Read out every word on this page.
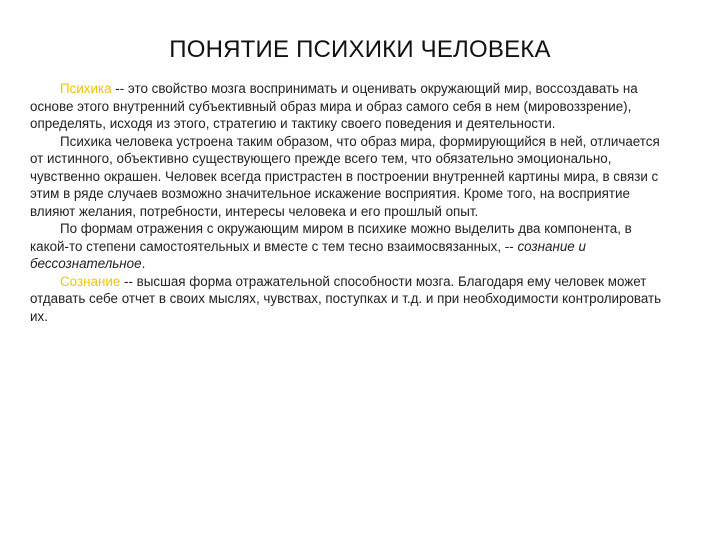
ПОНЯТИЕ ПСИХИКИ ЧЕЛОВЕКА

Психика -- это свойство мозга воспринимать и оценивать окружающий мир, воссоздавать на основе этого внутренний субъективный образ мира и образ самого себя в нем (мировоззрение), определять, исходя из этого, стратегию и тактику своего поведения и деятельности.

Психика человека устроена таким образом, что образ мира, формирующийся в ней, отличается от истинного, объективно существующего прежде всего тем, что обязательно эмоционально, чувственно окрашен. Человек всегда пристрастен в построении внутренней картины мира, в связи с этим в ряде случаев возможно значительное искажение восприятия. Кроме того, на восприятие влияют желания, потребности, интересы человека и его прошлый опыт.

По формам отражения с окружающим миром в психике можно выделить два компонента, в какой-то степени самостоятельных и вместе с тем тесно взаимосвязанных, -- сознание и бессознательное.

Сознание -- высшая форма отражательной способности мозга. Благодаря ему человек может отдавать себе отчет в своих мыслях, чувствах, поступках и т.д. и при необходимости контролировать их.
